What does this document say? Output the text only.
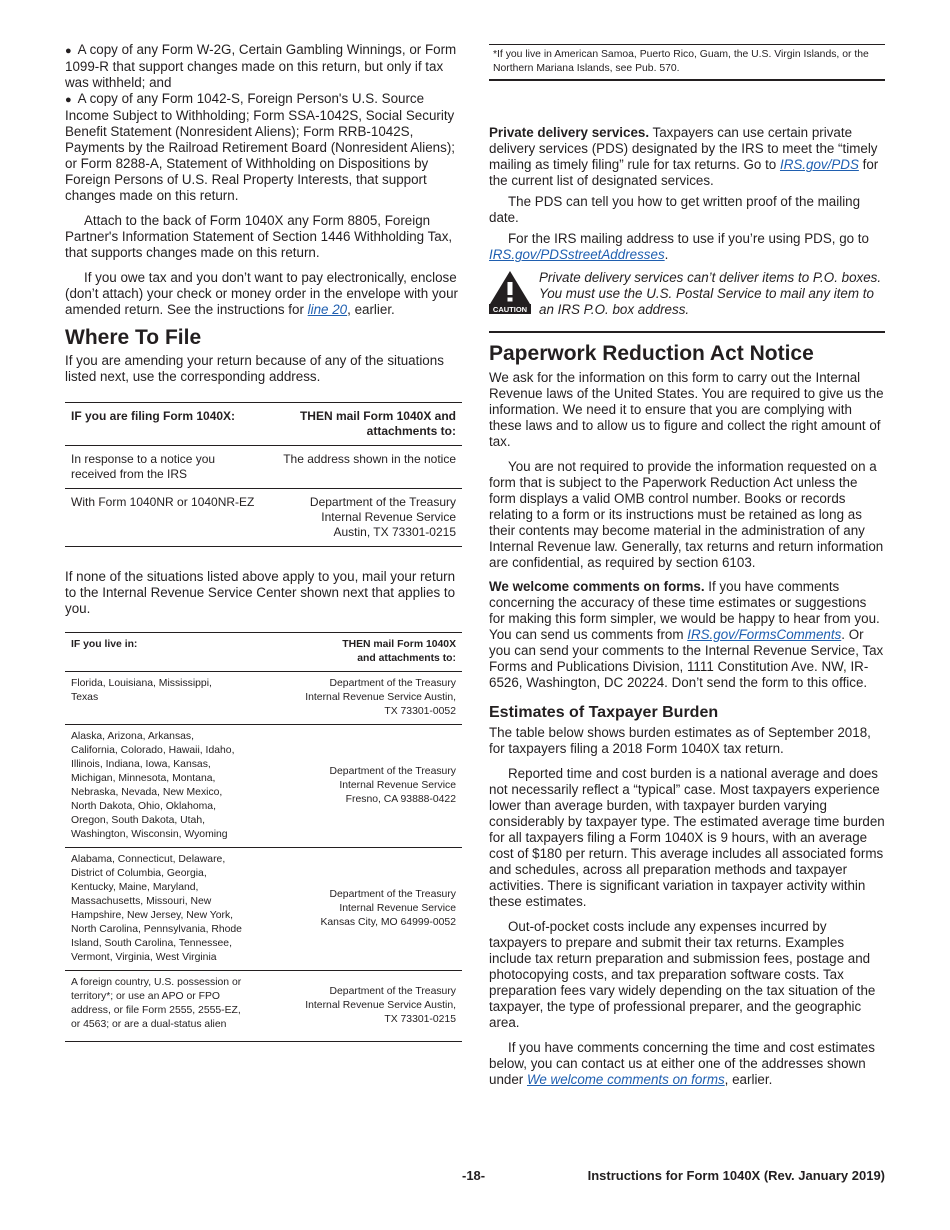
● A copy of any Form W-2G, Certain Gambling Winnings, or Form 1099-R that support changes made on this return, but only if tax was withheld; and

● A copy of any Form 1042-S, Foreign Person's U.S. Source Income Subject to Withholding; Form SSA-1042S, Social Security Benefit Statement (Nonresident Aliens); Form RRB-1042S, Payments by the Railroad Retirement Board (Nonresident Aliens); or Form 8288-A, Statement of Withholding on Dispositions by Foreign Persons of U.S. Real Property Interests, that support changes made on this return.

Attach to the back of Form 1040X any Form 8805, Foreign Partner's Information Statement of Section 1446 Withholding Tax, that supports changes made on this return.

If you owe tax and you don’t want to pay electronically, enclose (don’t attach) your check or money order in the envelope with your amended return. See the instructions for line 20, earlier.

Where To File

If you are amending your return because of any of the situations listed next, use the corresponding address.

IF you are filing Form 1040X:	THEN mail Form 1040X and attachments to:
In response to a notice you received from the IRS	The address shown in the notice
With Form 1040NR or 1040NR-EZ	Department of the Treasury Internal Revenue Service Austin, TX 73301-0215

If none of the situations listed above apply to you, mail your return to the Internal Revenue Service Center shown next that applies to you.

IF you live in:	THEN mail Form 1040X and attachments to:
Florida, Louisiana, Mississippi, Texas	Department of the Treasury Internal Revenue Service Austin, TX 73301-0052
Alaska, Arizona, Arkansas, California, Colorado, Hawaii, Idaho, Illinois, Indiana, Iowa, Kansas, Michigan, Minnesota, Montana, Nebraska, Nevada, New Mexico, North Dakota, Ohio, Oklahoma, Oregon, South Dakota, Utah, Washington, Wisconsin, Wyoming	Department of the Treasury Internal Revenue Service Fresno, CA 93888-0422
Alabama, Connecticut, Delaware, District of Columbia, Georgia, Kentucky, Maine, Maryland, Massachusetts, Missouri, New Hampshire, New Jersey, New York, North Carolina, Pennsylvania, Rhode Island, South Carolina, Tennessee, Vermont, Virginia, West Virginia	Department of the Treasury Internal Revenue Service Kansas City, MO 64999-0052
A foreign country, U.S. possession or territory*; or use an APO or FPO address, or file Form 2555, 2555-EZ, or 4563; or are a dual-status alien	Department of the Treasury Internal Revenue Service Austin, TX 73301-0215
*If you live in American Samoa, Puerto Rico, Guam, the U.S. Virgin Islands, or the Northern Mariana Islands, see Pub. 570.

Private delivery services. Taxpayers can use certain private delivery services (PDS) designated by the IRS to meet the “timely mailing as timely filing” rule for tax returns. Go to IRS.gov/PDS for the current list of designated services.

The PDS can tell you how to get written proof of the mailing date.

For the IRS mailing address to use if you’re using PDS, go to IRS.gov/PDSstreetAddresses.

CAUTION
Private delivery services can’t deliver items to P.O. boxes. You must use the U.S. Postal Service to mail any item to an IRS P.O. box address.
Paperwork Reduction Act Notice

We ask for the information on this form to carry out the Internal Revenue laws of the United States. You are required to give us the information. We need it to ensure that you are complying with these laws and to allow us to figure and collect the right amount of tax.

You are not required to provide the information requested on a form that is subject to the Paperwork Reduction Act unless the form displays a valid OMB control number. Books or records relating to a form or its instructions must be retained as long as their contents may become material in the administration of any Internal Revenue law. Generally, tax returns and return information are confidential, as required by section 6103.

We welcome comments on forms. If you have comments concerning the accuracy of these time estimates or suggestions for making this form simpler, we would be happy to hear from you. You can send us comments from IRS.gov/FormsComments. Or you can send your comments to the Internal Revenue Service, Tax Forms and Publications Division, 1111 Constitution Ave. NW, IR-6526, Washington, DC 20224. Don’t send the form to this office.

Estimates of Taxpayer Burden

The table below shows burden estimates as of September 2018, for taxpayers filing a 2018 Form 1040X tax return.

Reported time and cost burden is a national average and does not necessarily reflect a “typical” case. Most taxpayers experience lower than average burden, with taxpayer burden varying considerably by taxpayer type. The estimated average time burden for all taxpayers filing a Form 1040X is 9 hours, with an average cost of $180 per return. This average includes all associated forms and schedules, across all preparation methods and taxpayer activities. There is significant variation in taxpayer activity within these estimates.

Out-of-pocket costs include any expenses incurred by taxpayers to prepare and submit their tax returns. Examples include tax return preparation and submission fees, postage and photocopying costs, and tax preparation software costs. Tax preparation fees vary widely depending on the tax situation of the taxpayer, the type of professional preparer, and the geographic area.

If you have comments concerning the time and cost estimates below, you can contact us at either one of the addresses shown under We welcome comments on forms, earlier.

-18-	Instructions for Form 1040X (Rev. January 2019)
